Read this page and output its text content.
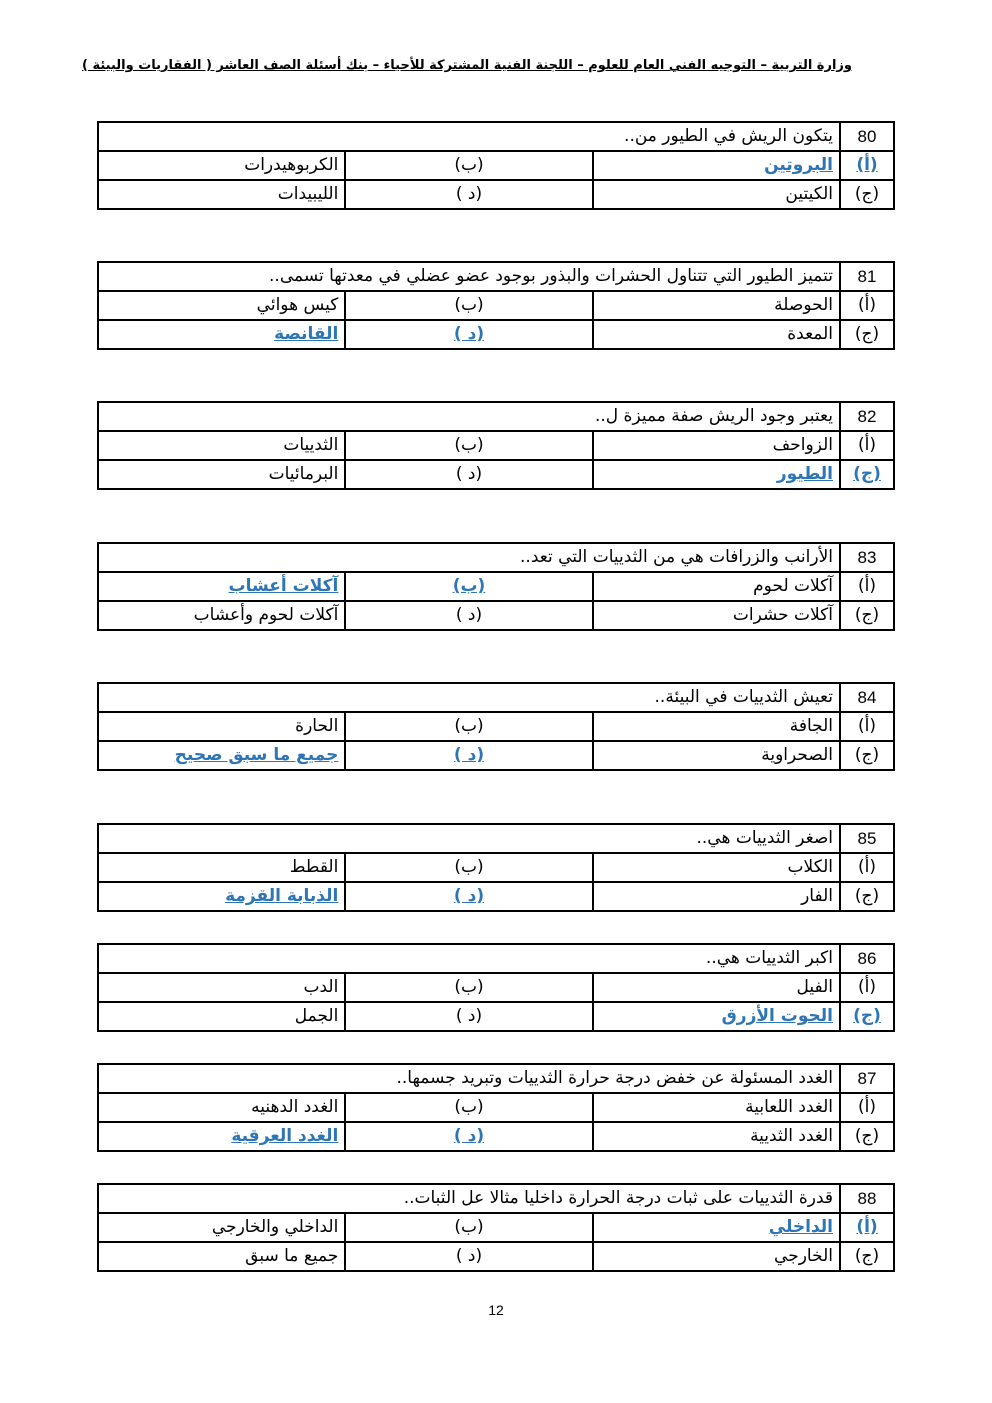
وزارة التربية – التوجيه الفني العام للعلوم – اللجنة الفنية المشتركة للأحياء – بنك أسئلة الصف العاشر ( الفقاريات والبيئة )
80	يتكون الريش في الطيور من..		
(أ)	البروتين	(ب)	الكربوهيدرات
(ج)	الكيتين	(د )	الليبيدات
81	تتميز الطيور التي تتناول الحشرات والبذور بوجود عضو عضلي في معدتها تسمى..		
(أ)	الحوصلة	(ب)	كيس هوائي
(ج)	المعدة	(د )	القانصة
82	يعتبر وجود الريش صفة مميزة ل..		
(أ)	الزواحف	(ب)	الثدييات
(ج)	الطيور	(د )	البرمائيات
83	الأرانب والزرافات هي من الثدييات التي تعد..		
(أ)	آكلات لحوم	(ب)	آكلات أعشاب
(ج)	آكلات حشرات	(د )	آكلات لحوم وأعشاب
84	تعيش الثدييات في البيئة..		
(أ)	الجافة	(ب)	الحارة
(ج)	الصحراوية	(د )	جميع ما سبق صحيح
85	اصغر الثدييات هي..		
(أ)	الكلاب	(ب)	القطط
(ج)	الفار	(د )	الذبابة القزمة
86	اكبر الثدييات هي..		
(أ)	الفيل	(ب)	الدب
(ج)	الحوت الأزرق	(د )	الجمل
87	الغدد المسئولة عن خفض درجة حرارة الثدييات وتبريد جسمها..		
(أ)	الغدد اللعابية	(ب)	الغدد الدهنيه
(ج)	الغدد الثديية	(د )	الغدد العرقية
88	قدرة الثدييات على ثبات درجة الحرارة داخليا مثالا عل الثبات..		
(أ)	الداخلي	(ب)	الداخلي والخارجي
(ج)	الخارجي	(د )	جميع ما سبق
12
